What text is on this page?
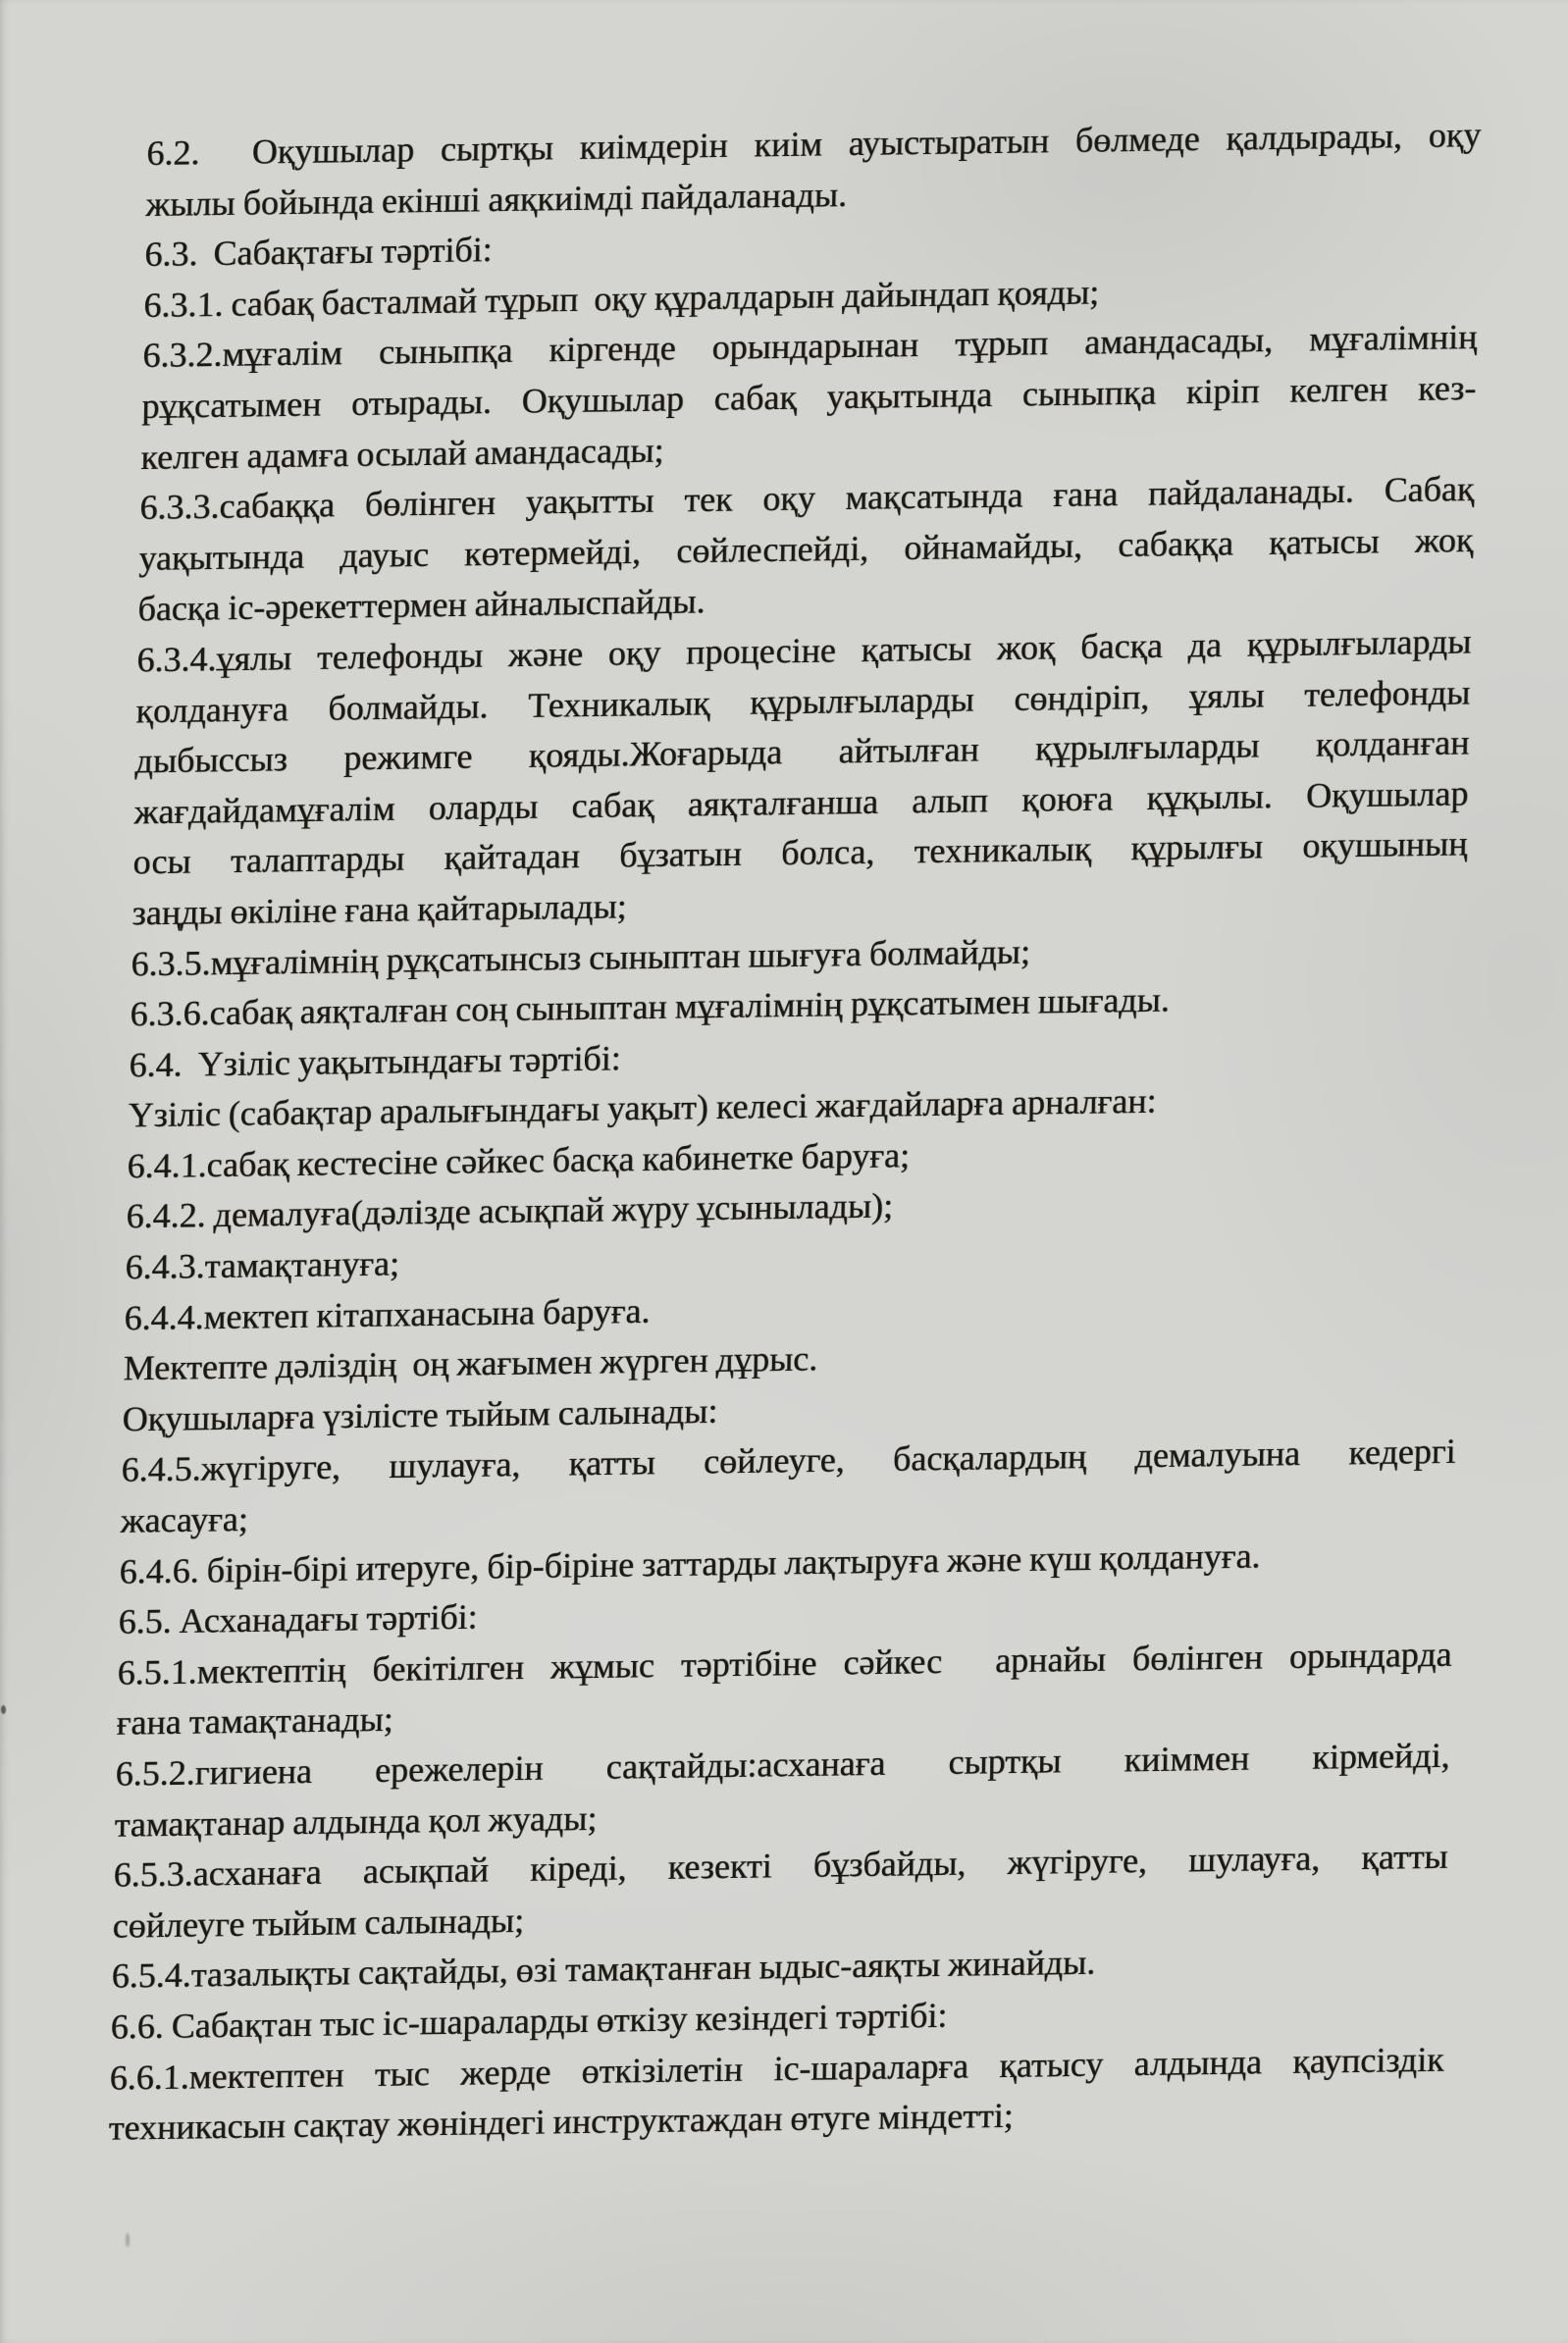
6.2.  Оқушылар сыртқы киімдерін киім ауыстыратын бөлмеде қалдырады, оқу
жылы бойында екінші аяқкиімді пайдаланады.
6.3.  Сабақтағы тәртібі:
6.3.1. сабақ басталмай тұрып  оқу құралдарын дайындап қояды;
6.3.2.мұғалім сыныпқа кіргенде орындарынан тұрып амандасады, мұғалімнің
рұқсатымен отырады. Оқушылар сабақ уақытында сыныпқа кіріп келген кез-
келген адамға осылай амандасады;
6.3.3.сабаққа бөлінген уақытты тек оқу мақсатында ғана пайдаланады. Сабақ
уақытында дауыс көтермейді, сөйлеспейді, ойнамайды, сабаққа қатысы жоқ
басқа іс-әрекеттермен айналыспайды.
6.3.4.ұялы телефонды және оқу процесіне қатысы жоқ басқа да құрылғыларды
қолдануға болмайды. Техникалық құрылғыларды сөндіріп, ұялы телефонды
дыбыссыз режимге қояды.Жоғарыда айтылған құрылғыларды қолданған
жағдайдамұғалім оларды сабақ аяқталғанша алып қоюға құқылы. Оқушылар
осы талаптарды қайтадан бұзатын болса, техникалық құрылғы оқушының
заңды өкіліне ғана қайтарылады;
6.3.5.мұғалімнің рұқсатынсыз сыныптан шығуға болмайды;
6.3.6.сабақ аяқталған соң сыныптан мұғалімнің рұқсатымен шығады.
6.4.  Үзіліс уақытындағы тәртібі:
Үзіліс (сабақтар аралығындағы уақыт) келесі жағдайларға арналған:
6.4.1.сабақ кестесіне сәйкес басқа кабинетке баруға;
6.4.2. демалуға(дәлізде асықпай жүру ұсынылады);
6.4.3.тамақтануға;
6.4.4.мектеп кітапханасына баруға.
Мектепте дәліздің  оң жағымен жүрген дұрыс.
Оқушыларға үзілісте тыйым салынады:
6.4.5.жүгіруге, шулауға, қатты сөйлеуге, басқалардың демалуына кедергі
жасауға;
6.4.6. бірін-бірі итеруге, бір-біріне заттарды лақтыруға және күш қолдануға.
6.5. Асханадағы тәртібі:
6.5.1.мектептің бекітілген жұмыс тәртібіне сәйкес  арнайы бөлінген орындарда
ғана тамақтанады;
6.5.2.гигиена ережелерін сақтайды:асханаға сыртқы киіммен кірмейді,
тамақтанар алдында қол жуады;
6.5.3.асханаға асықпай кіреді, кезекті бұзбайды, жүгіруге, шулауға, қатты
сөйлеуге тыйым салынады;
6.5.4.тазалықты сақтайды, өзі тамақтанған ыдыс-аяқты жинайды.
6.6. Сабақтан тыс іс-шараларды өткізу кезіндегі тәртібі:
6.6.1.мектептен тыс жерде өткізілетін іс-шараларға қатысу алдында қаупсіздік
техникасын сақтау жөніндегі инструктаждан өтуге міндетті;
